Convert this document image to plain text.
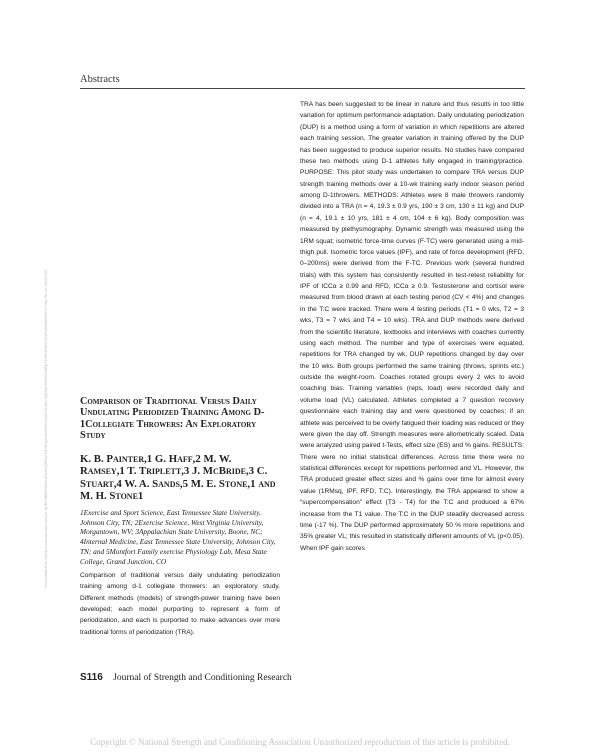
Abstracts
Downloaded from http://journals.lww.com/nsca-jscr by BhDMf5ePHKav1zEoum1tQfN4a+kJLhEZgbsIHo4XMi0hCywCX1AWnYQp/IlQrHD3i3D0OdRyi7TvSFl4Cf3VC4/OAVpDDa8KKGKV0Ymy+78= on 09/22/2023	Comparison of Traditional Versus Daily Undulating Periodized Training Among D-1Collegiate Throwers: An Exploratory Study

K. B. Painter,1 G. Haff,2 M. W. Ramsey,1 T. Triplett,3 J. McBride,3 C. Stuart,4 W. A. Sands,5 M. E. Stone,1 and M. H. Stone1

1Exercise and Sport Science, East Tennessee State University, Johnson City, TN; 2Exercise Science, West Virginia University, Morgantown, WV; 3Appalachian State University, Boone, NC; 4Internal Medicine, East Tennessee State University, Johnson City, TN; and 5Montfort Family exercise Physiology Lab, Mesa State College, Grand Junction, CO

Comparison of traditional versus daily undulating periodization training among d-1 collegiate throwers: an exploratory study. Different methods (models) of strength-power training have been developed; each model purporting to represent a form of periodization, and each is purported to make advances over more traditional forms of periodization (TRA).

TRA has been suggested to be linear in nature and thus results in too little variation for optimum performance adaptation. Daily undulating periodization (DUP) is a method using a form of variation in which repetitions are altered each training session. The greater variation in training offered by the DUP has been suggested to produce superior results. No studies have compared these two methods using D-1 athletes fully engaged in training/practice. PURPOSE: This pilot study was undertaken to compare TRA versus DUP strength training methods over a 10-wk training early indoor season period among D-1throwers. METHODS: Athletes were 8 male throwers randomly divided into a TRA (n = 4, 19.3 ± 0.9 yrs, 190 ± 3 cm, 130 ± 11 kg) and DUP (n = 4, 19.1 ± 10 yrs, 181 ± 4 cm, 104 ± 6 kg). Body composition was measured by plethysmography. Dynamic strength was measured using the 1RM squat; isometric force-time curves (F-TC) were generated using a mid-thigh pull. Isometric force values (IPF), and rate of force development (RFD, 0–200ms) were derived from the F-TC. Previous work (several hundred trials) with this system has consistently resulted in test-retest reliability for IPF of ICCα ≥ 0.99 and RFD, ICCα ≥ 0.9. Testosterone and cortisol were measured from blood drawn at each testing period (CV < 4%) and changes in the T:C were tracked. There were 4 testing periods (T1 = 0 wks, T2 = 3 wks, T3 = 7 wks and T4 = 10 wks). TRA and DUP methods were derived from the scientific literature, textbooks and interviews with coaches currently using each method. The number and type of exercises were equated, repetitions for TRA changed by wk, DUP repetitions changed by day over the 10 wks. Both groups performed the same training (throws, sprints etc.) outside the weight-room. Coaches rotated groups every 2 wks to avoid coaching bias. Training variables (reps, load) were recorded daily and volume load (VL) calculated. Athletes completed a 7 question recovery questionnaire each training day and were questioned by coaches; if an athlete was perceived to be overly fatigued their loading was reduced or they were given the day off. Strength measures were allometrically scaled. Data were analyzed using paired t-Tests, effect size (ES) and % gains. RESULTS: There were no initial statistical differences. Across time there were no statistical differences except for repetitions performed and VL. However, the TRA produced greater effect sizes and % gains over time for almost every value (1RMsq, IPF, RFD, T:C). Interestingly, the TRA appeared to show a “supercompensation” effect (T3 - T4) for the T:C and produced a 67% increase from the T1 value. The T:C in the DUP steadily decreased across time (-17 %). The DUP performed approximately 50 % more repetitions and 35% greater VL; this resulted in statistically different amounts of VL (p<0.05). When IPF gain scores

S116 Journal of Strength and Conditioning Research
Copyright © National Strength and Conditioning Association Unauthorized reproduction of this article is prohibited.
